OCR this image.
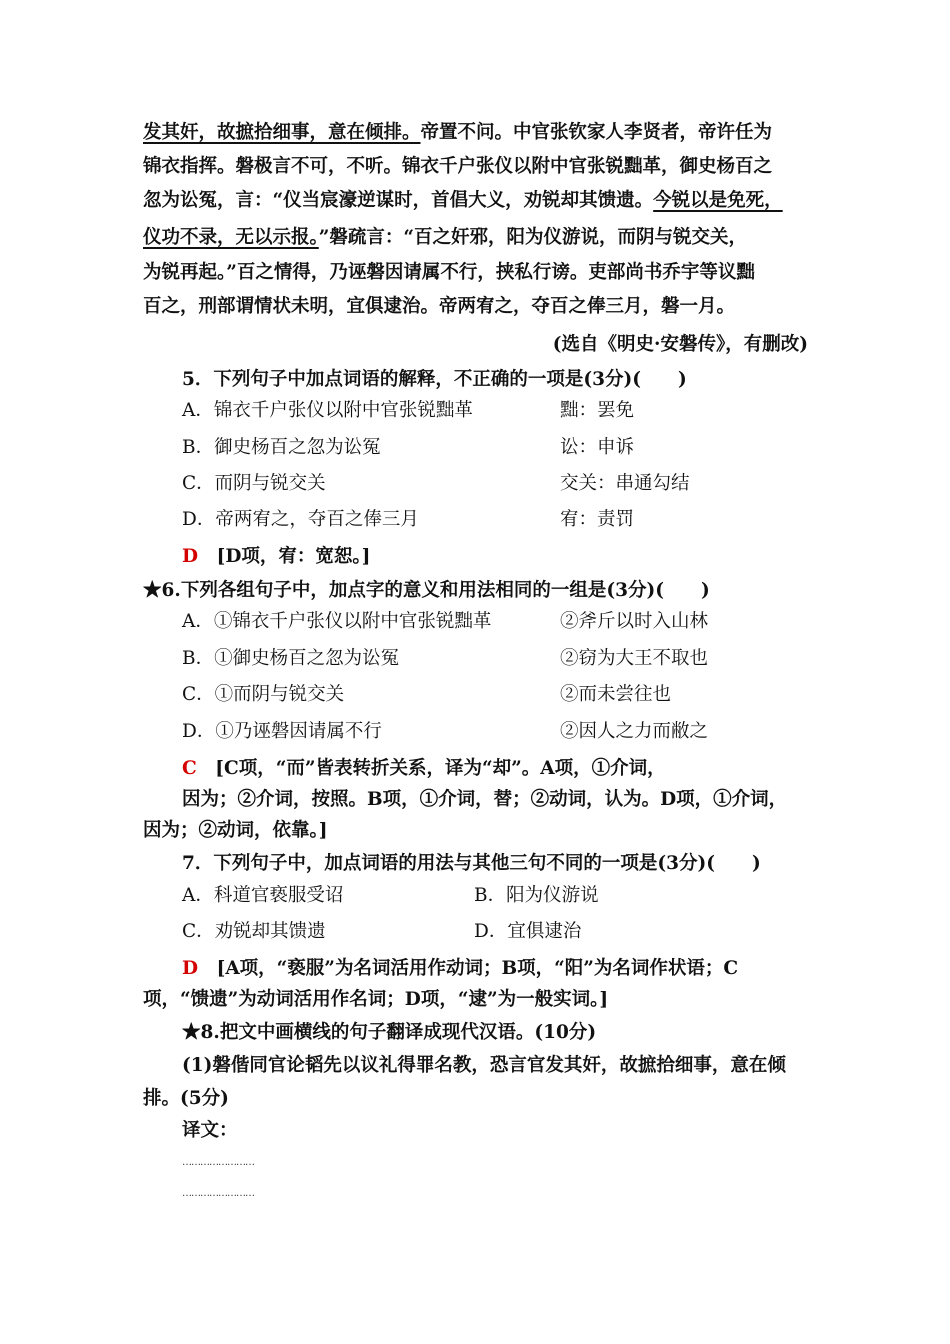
发其奸，故摭拾细事，意在倾排。帝置不问。中官张钦家人李贤者，帝许任为
锦衣指挥。磐极言不可，不听。锦衣千户张仪以附中官张锐黜革，御史杨百之
忽为讼冤，言：“仪当宸濠逆谋时，首倡大义，劝锐却其馈遗。今锐以是免死，
仪功不录，无以示报。”磐疏言：“百之奸邪，阳为仪游说，而阴与锐交关，
为锐再起。”百之情得，乃诬磐因请属不行，挟私行谤。吏部尚书乔宇等议黜
百之，刑部谓情状未明，宜俱逮治。帝两宥之，夺百之俸三月，磐一月。
(选自《明史·安磐传》，有删改)
5．下列句子中加点词语的解释，不正确的一项是(3分)(　　)
A．锦衣千户张仪以附中官张锐黜革	黜：罢免
B．御史杨百之忽为讼冤	讼：申诉
C．而阴与锐交关	交关：串通勾结
D．帝两宥之，夺百之俸三月	宥：责罚
D　 [D项，宥：宽恕。]
★6.下列各组句子中，加点字的意义和用法相同的一组是(3分)(　　)
A．①锦衣千户张仪以附中官张锐黜革	②斧斤以时入山林
B．①御史杨百之忽为讼冤	②窃为大王不取也
C．①而阴与锐交关	②而未尝往也
D．①乃诬磐因请属不行	②因人之力而敝之
C　 [C项，“而”皆表转折关系，译为“却”。A项，①介词，
因为；②介词，按照。B项，①介词，替；②动词，认为。D项，①介词，
因为；②动词，依靠。]
7．下列句子中，加点词语的用法与其他三句不同的一项是(3分)(　　)
A．科道官亵服受诏	B．阳为仪游说
C．劝锐却其馈遗	D．宜俱逮治
D　 [A项，“亵服”为名词活用作动词；B项，“阳”为名词作状语；C
项，“馈遗”为动词活用作名词；D项，“逮”为一般实词。]
★8.把文中画横线的句子翻译成现代汉语。(10分)
(1)磐偕同官论韬先以议礼得罪名教，恐言官发其奸，故摭拾细事，意在倾
排。(5分)
译文：
……………………
……………………
